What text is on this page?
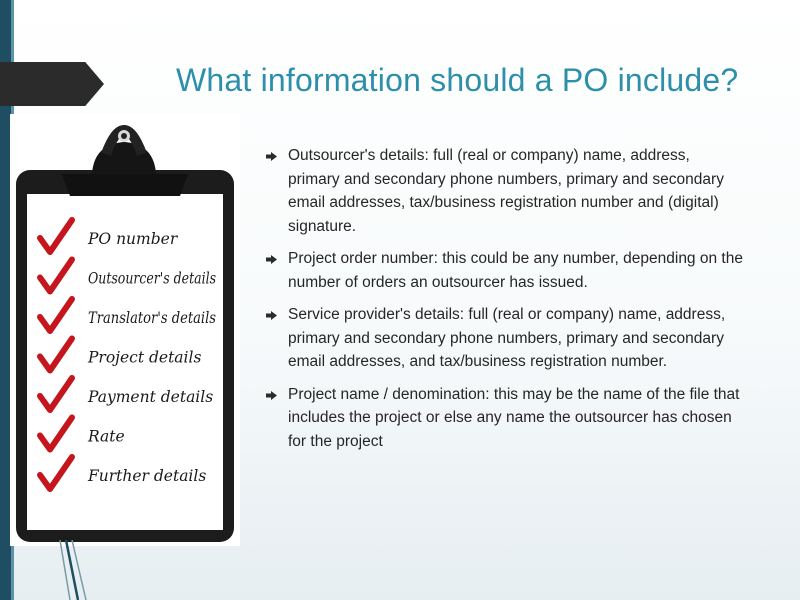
What information should a PO include?
PO number
Outsourcer's details
Translator's details
Project details
Payment details
Rate
Further details
Outsourcer's details: full (real or company) name, address, primary and secondary phone numbers, primary and secondary email addresses, tax/business registration number and (digital) signature.
Project order number: this could be any number, depending on the number of orders an outsourcer has issued.
Service provider's details: full (real or company) name, address, primary and secondary phone numbers, primary and secondary email addresses, and tax/business registration number.
Project name / denomination: this may be the name of the file that includes the project or else any name the outsourcer has chosen for the project
